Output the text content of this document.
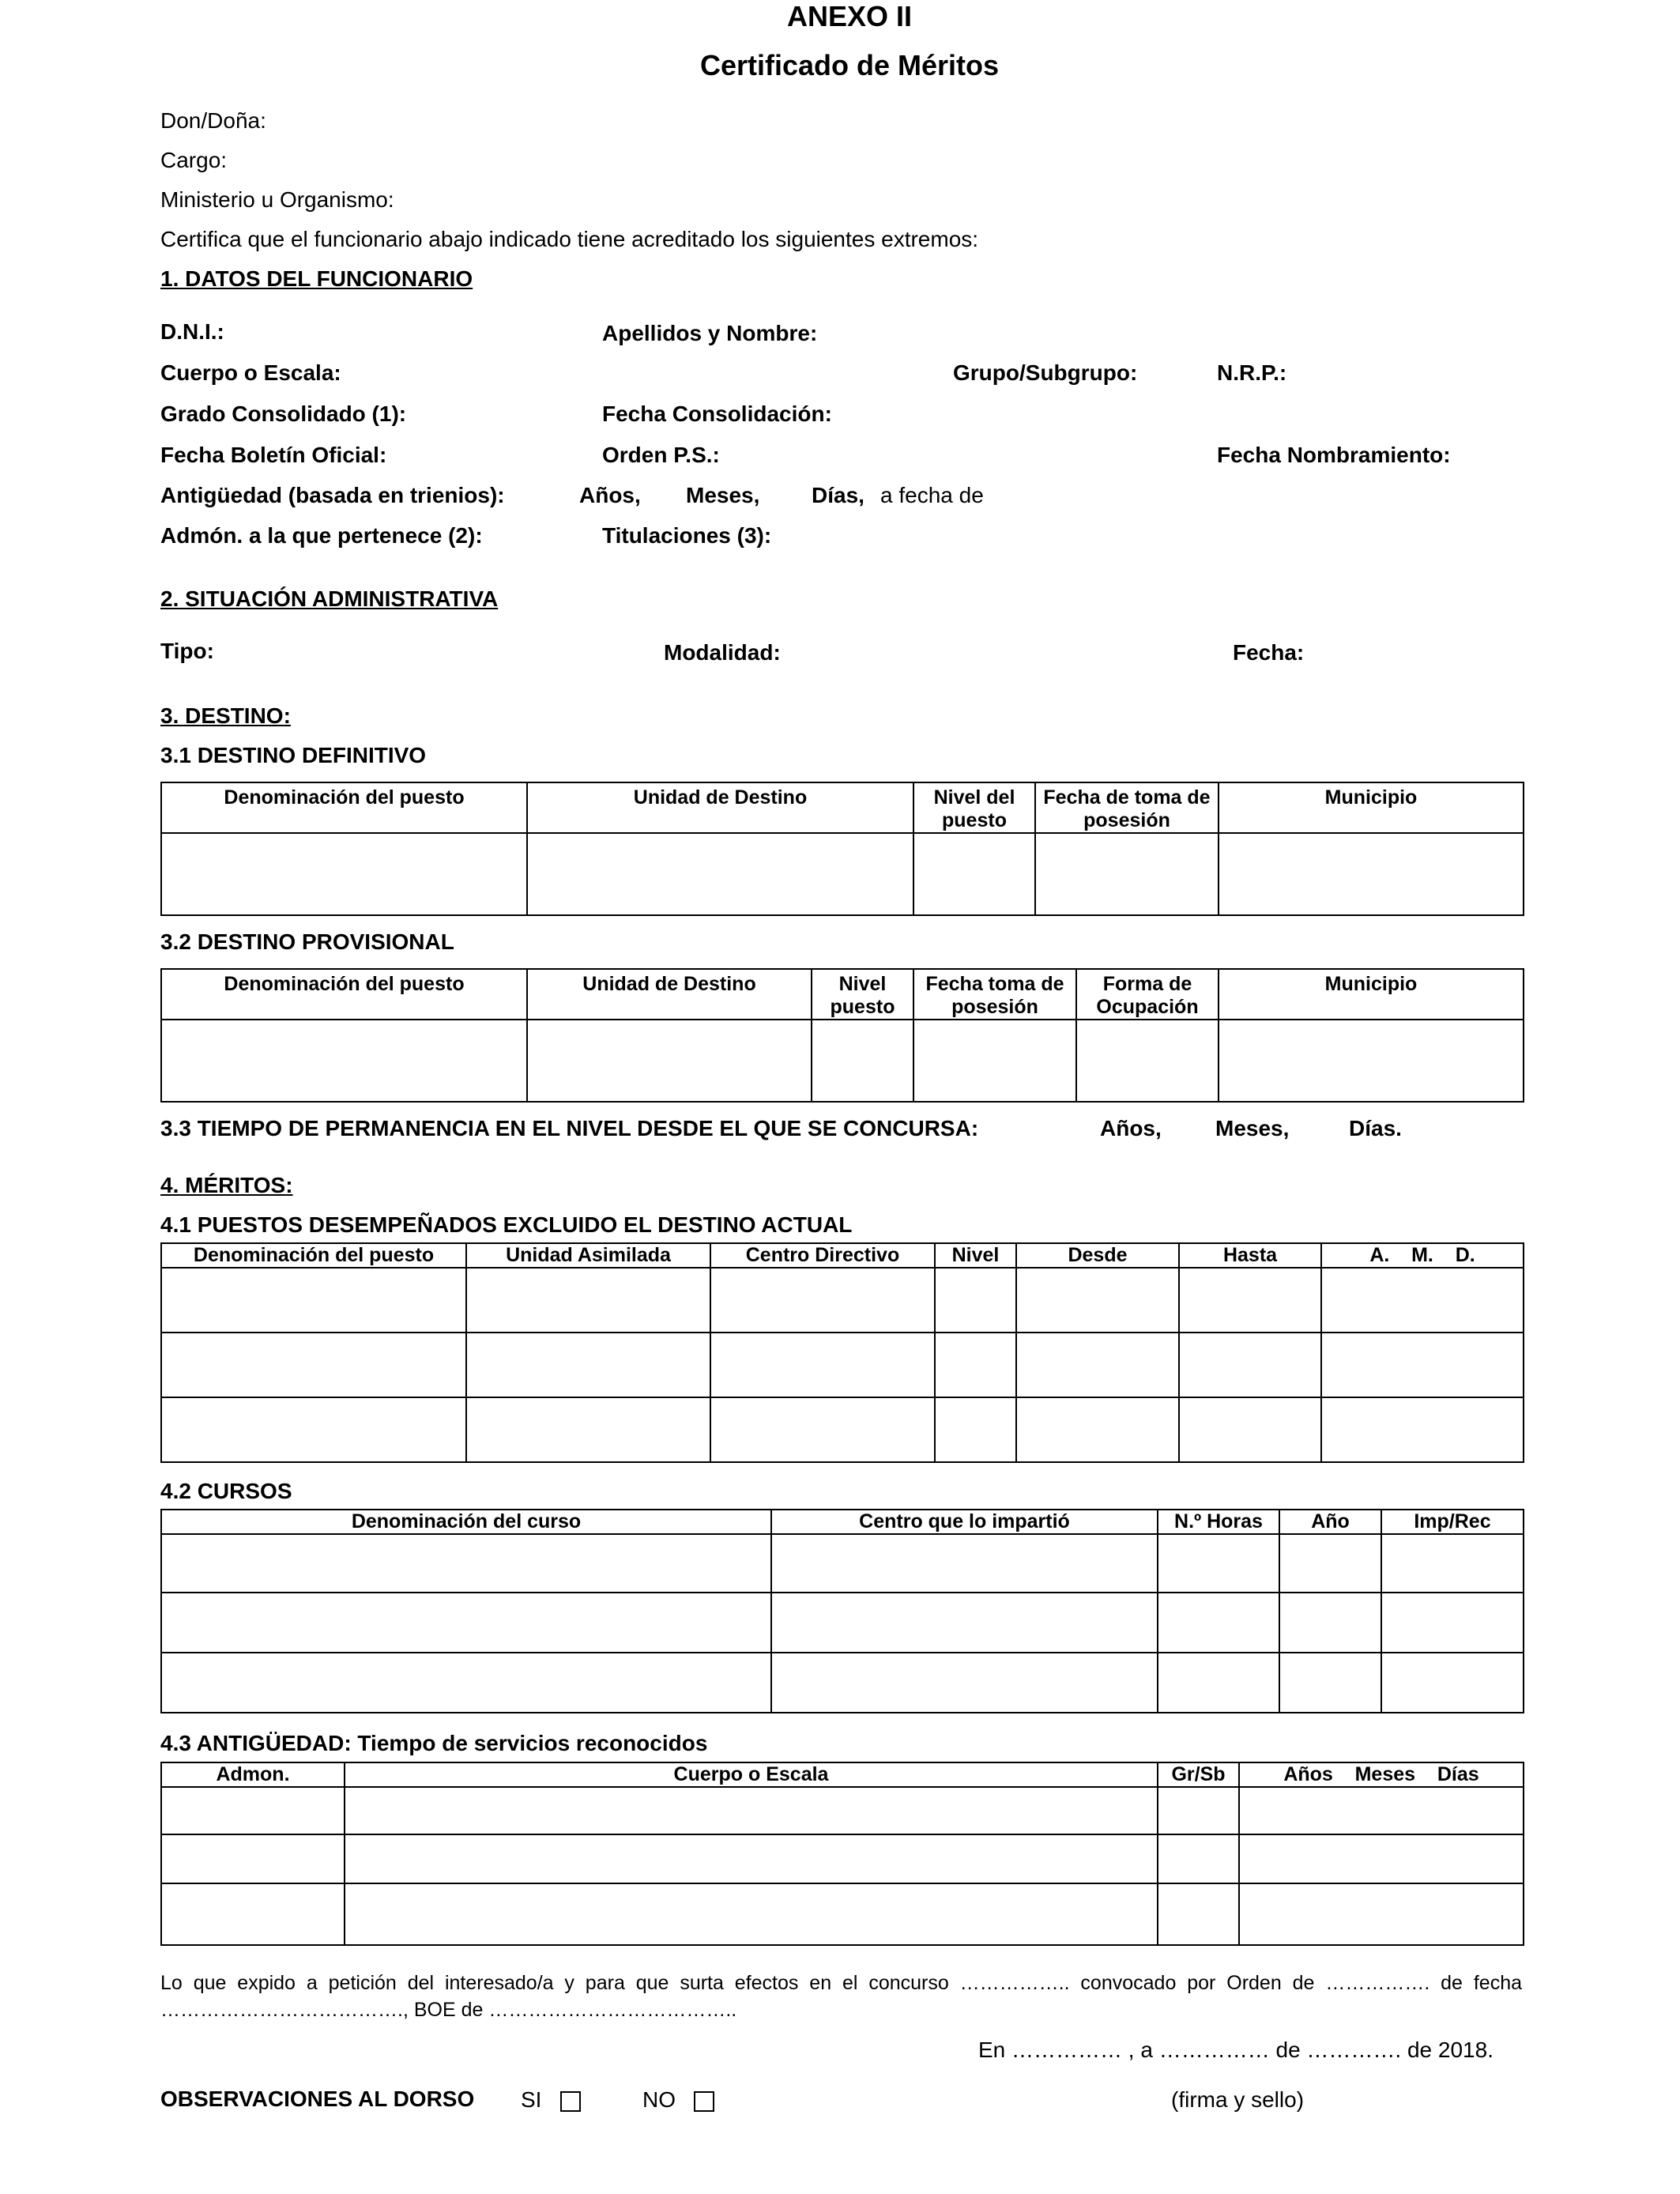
ANEXO II
Certificado de Méritos
Don/Doña:
Cargo:
Ministerio u Organismo:
Certifica que el funcionario abajo indicado tiene acreditado los siguientes extremos:
1. DATOS DEL FUNCIONARIO
D.N.I.:	Apellidos y Nombre:
Cuerpo o Escala:	Grupo/Subgrupo:	N.R.P.:
Grado Consolidado (1):	Fecha Consolidación:
Fecha Boletín Oficial:	Orden P.S.:	Fecha Nombramiento:
Antigüedad (basada en trienios):	Años, Meses, Días, a fecha de
Admón. a la que pertenece (2):	Titulaciones (3):
2. SITUACIÓN ADMINISTRATIVA
Tipo:	Modalidad:	Fecha:
3. DESTINO:
3.1 DESTINO DEFINITIVO
Denominación del puesto	Unidad de Destino	Nivel del puesto	Fecha de toma de posesión	Municipio

3.2 DESTINO PROVISIONAL
Denominación del puesto	Unidad de Destino	Nivel puesto	Fecha toma de posesión	Forma de Ocupación	Municipio

3.3 TIEMPO DE PERMANENCIA EN EL NIVEL DESDE EL QUE SE CONCURSA:	Años, Meses,	Días.
4. MÉRITOS:
4.1 PUESTOS DESEMPEÑADOS EXCLUIDO EL DESTINO ACTUAL
Denominación del puesto	Unidad Asimilada	Centro Directivo	Nivel	Desde	Hasta	A. M. D.

4.2 CURSOS
Denominación del curso	Centro que lo impartió	N.º Horas	Año	Imp/Rec

4.3 ANTIGÜEDAD: Tiempo de servicios reconocidos
Admon.	Cuerpo o Escala	Gr/Sb	Años Meses Días

Lo que expido a petición del interesado/a y para que surta efectos en el concurso …………….. convocado por Orden de ……………. de fecha ………………………………., BOE de ………………………………..
En …………… , a …………… de …………. de 2018.
OBSERVACIONES AL DORSO SI	NO	(firma y sello)
